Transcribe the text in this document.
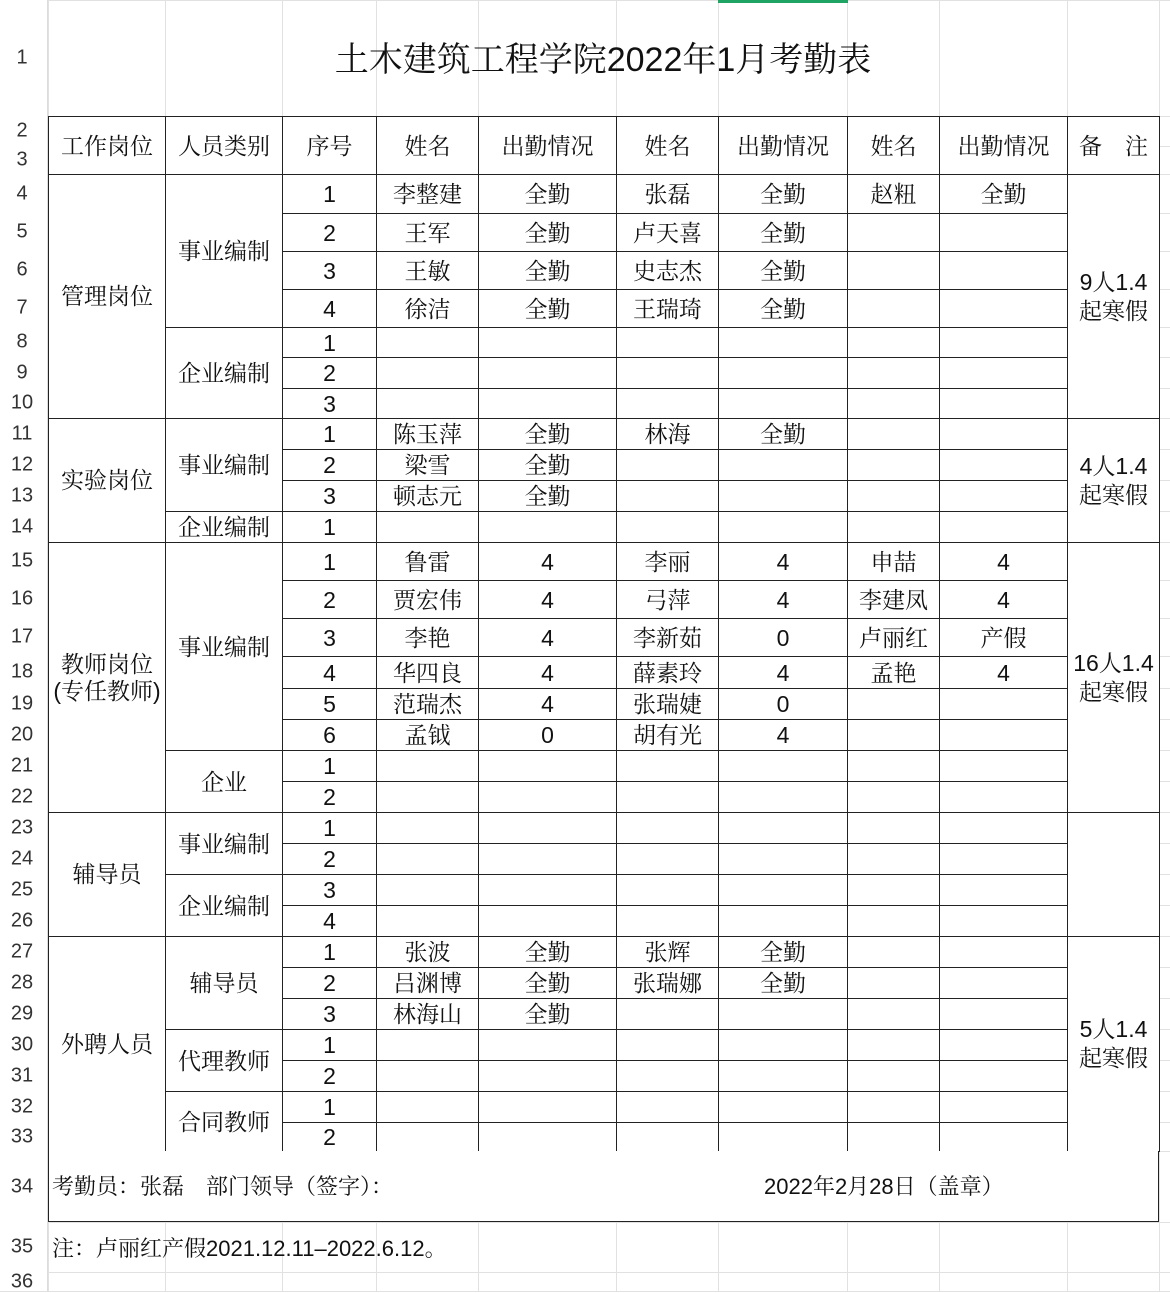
1
2
3
4
5
6
7
8
9
10
11
12
13
14
15
16
17
18
19
20
21
22
23
24
25
26
27
28
29
30
31
32
33
34
35
36
土木建筑工程学院2022年1月考勤表
工作岗位	人员类别	序号	姓名	出勤情况	姓名	出勤情况	姓名	出勤情况	备　注
管理岗位	事业编制	1	李整建	全勤	张磊	全勤	赵粈	全勤	9人1.4起寒假
		2	王军	全勤	卢天喜	全勤			
		3	王敏	全勤	史志杰	全勤			
		4	徐洁	全勤	王瑞琦	全勤			
	企业编制	1							
		2							
		3							
实验岗位	事业编制	1	陈玉萍	全勤	林海	全勤			4人1.4起寒假
		2	梁雪	全勤					
		3	顿志元	全勤					
	企业编制	1							
教师岗位(专任教师)	事业编制	1	鲁雷	4	李丽	4	申喆	4	16人1.4起寒假
		2	贾宏伟	4	弓萍	4	李建凤	4	
		3	李艳	4	李新茹	0	卢丽红	产假	
		4	华四良	4	薛素玲	4	孟艳	4	
		5	范瑞杰	4	张瑞婕	0			
		6	孟钺	0	胡有光	4			
	企业	1							
		2							
辅导员	事业编制	1							
		2							
	企业编制	3							
		4							
外聘人员	辅导员	1	张波	全勤	张辉	全勤			5人1.4起寒假
		2	吕渊博	全勤	张瑞娜	全勤			
		3	林海山	全勤					
	代理教师	1							
		2							
	合同教师	1							
		2							
考勤员：张磊　部门领导（签字）：	2022年2月28日（盖章）
注：卢丽红产假2021.12.11–2022.6.12。
